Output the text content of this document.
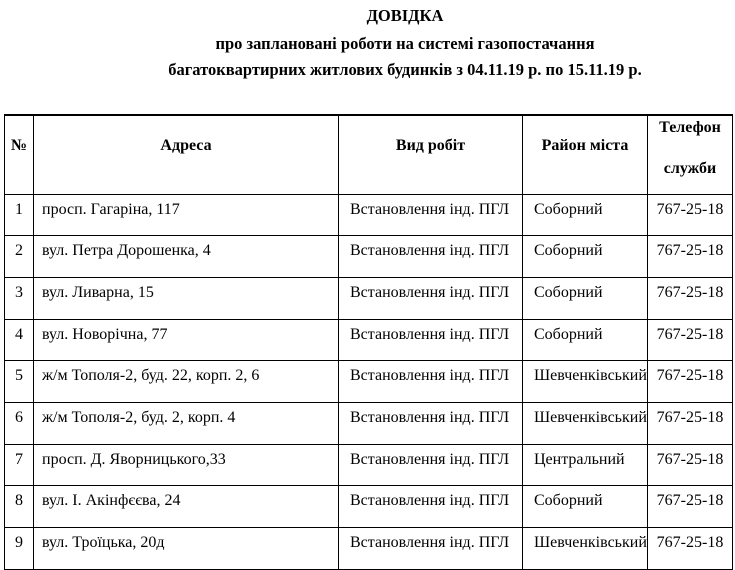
ДОВІДКА

про заплановані роботи на системі газопостачання

багатоквартирних житлових будинків з 04.11.19 р. по 15.11.19 р.

№	Адреса	Вид робіт	Район міста	Телефон
служби

1	просп. Гагаріна, 117	Встановлення інд. ПГЛ	Соборний	767-25-18
2	вул. Петра Дорошенка, 4	Встановлення інд. ПГЛ	Соборний	767-25-18
3	вул. Ливарна, 15	Встановлення інд. ПГЛ	Соборний	767-25-18
4	вул. Новорічна, 77	Встановлення інд. ПГЛ	Соборний	767-25-18
5	ж/м Тополя-2, буд. 22, корп. 2, 6	Встановлення інд. ПГЛ	Шевченківський	767-25-18
6	ж/м Тополя-2, буд. 2, корп. 4	Встановлення інд. ПГЛ	Шевченківський	767-25-18
7	просп. Д. Яворницького,33	Встановлення інд. ПГЛ	Центральний	767-25-18
8	вул. І. Акінфєєва, 24	Встановлення інд. ПГЛ	Соборний	767-25-18
9	вул. Троїцька, 20д	Встановлення інд. ПГЛ	Шевченківський	767-25-18
